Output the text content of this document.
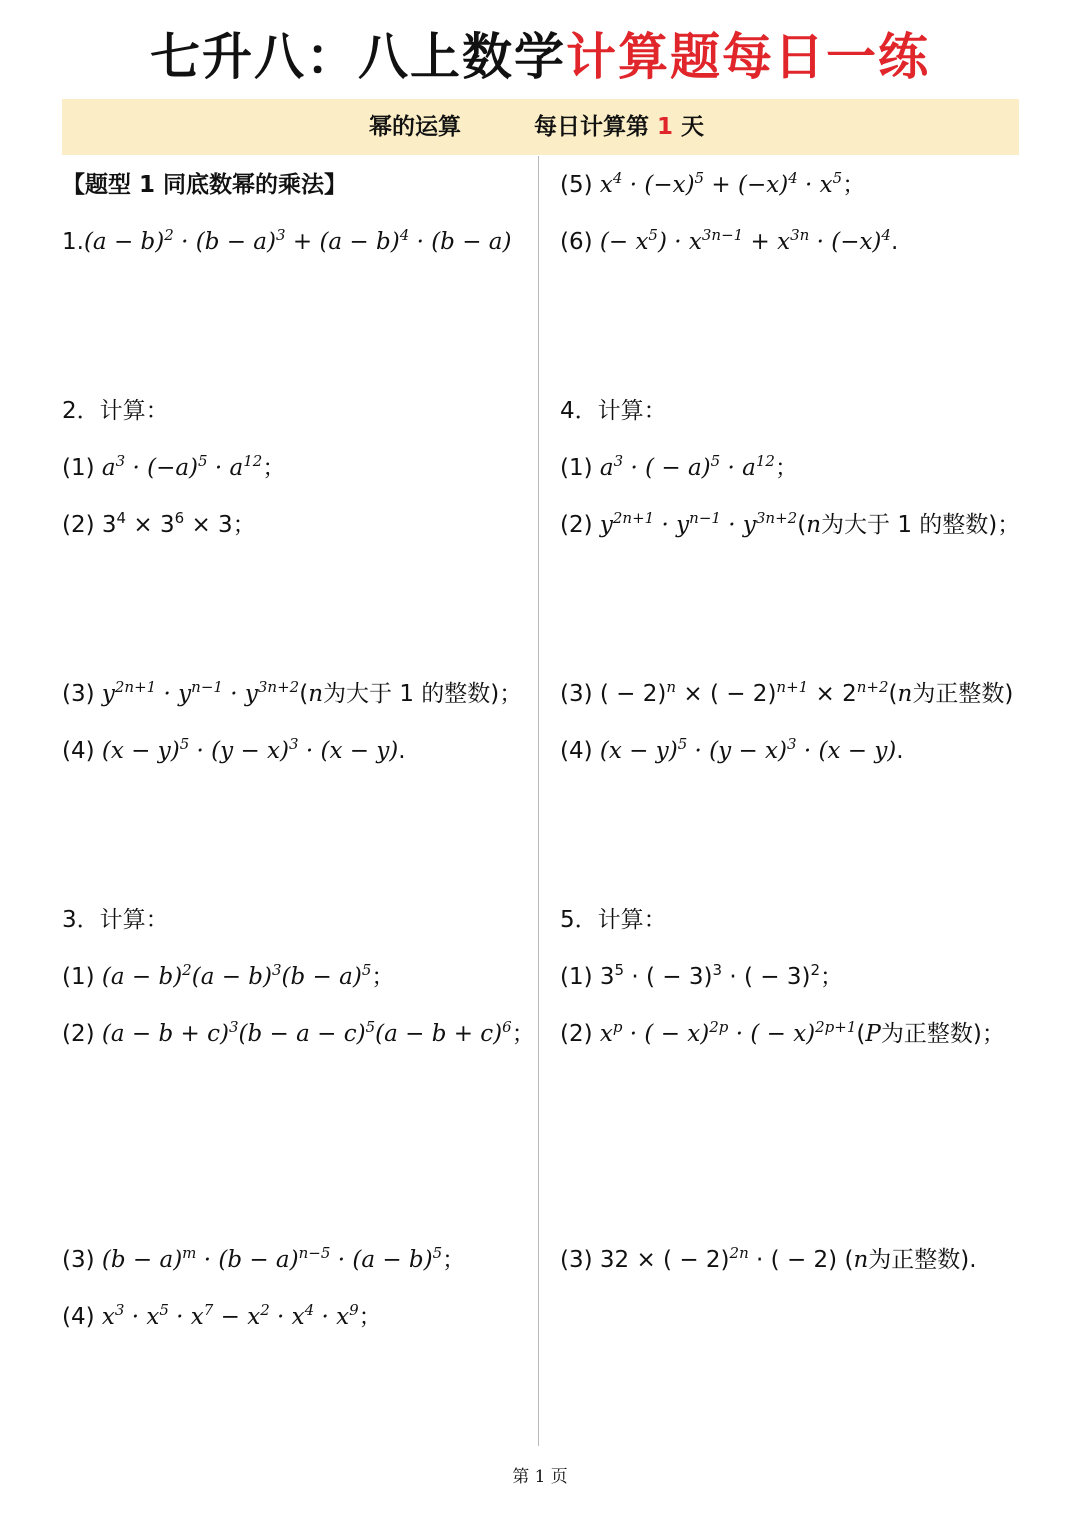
七升八：八上数学计算题每日一练
幂的运算	每日计算第 1 天
【题型 1 同底数幂的乘法】
$1.(a - b)^2 \cdot (b - a)^3 + (a - b)^4 \cdot (b - a)$
2．计算：
(1) $a^3 \cdot (-a)^5 \cdot a^{12}$；
(2) $3^4 \times 3^6 \times 3$；
(3) $y^{2n+1} \cdot y^{n-1} \cdot y^{3n+2}(n$为大于 1 的整数)；
(4) $(x - y)^5 \cdot (y - x)^3 \cdot (x - y)$.
3．计算：
(1) $(a - b)^2(a - b)^3(b - a)^5$；
(2) $(a - b + c)^3(b - a - c)^5(a - b + c)^6$；
(3) $(b - a)^m \cdot (b - a)^{n-5} \cdot (a - b)^5$；
(4) $x^3 \cdot x^5 \cdot x^7 - x^2 \cdot x^4 \cdot x^9$；
(5) $x^4 \cdot (-x)^5 + (-x)^4 \cdot x^5$；
(6) (− $x^5) \cdot x^{3n-1} + x^{3n} \cdot (-x)^4$.
4．计算：
(1) $a^3$ · ( − $a)^5 \cdot a^{12}$；
(2) $y^{2n+1} \cdot y^{n-1} \cdot y^{3n+2}(n$为大于 1 的整数)；
(3) ( − 2)$^n$ × ( − $2)^{n+1} \times 2^{n+2}(n$为正整数)
(4) $(x - y)^5 \cdot (y - x)^3 \cdot (x - y)$.
5．计算：
(1) $3^5$ · ( − 3)$^3$ · ( − 3)$^2$；
(2) $x^p$ · ( − x)$^{2p}$ · ( − x)$^{2p+1}$(P为正整数)；
(3) 32 × ( − 2)$^{2n}$ · ( − 2) (n为正整数).
第 1 页
